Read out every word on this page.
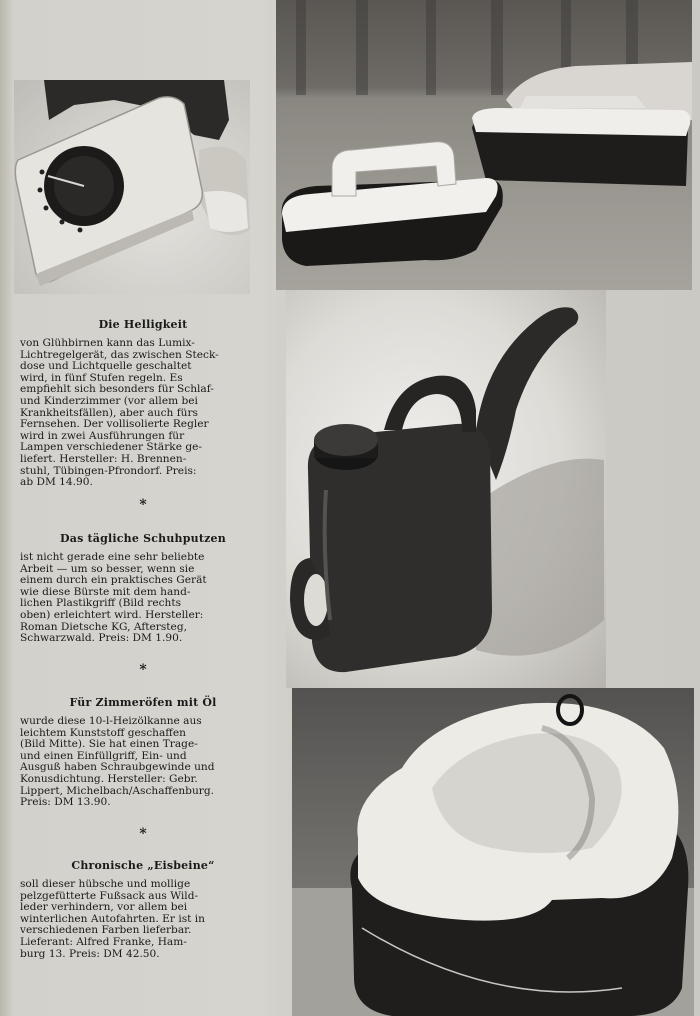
Die Helligkeit

von Glühbirnen kann das Lumix-
Lichtregelgerät, das zwischen Steck-
dose und Lichtquelle geschaltet
wird, in fünf Stufen regeln. Es
empfiehlt sich besonders für Schlaf-
und Kinderzimmer (vor allem bei
Krankheitsfällen), aber auch fürs
Fernsehen. Der vollisolierte Regler
wird in zwei Ausführungen für
Lampen verschiedener Stärke ge-
liefert. Hersteller: H. Brennen-
stuhl, Tübingen-Pfrondorf. Preis:
ab DM 14.90.

*

Das tägliche Schuhputzen

ist nicht gerade eine sehr beliebte
Arbeit — um so besser, wenn sie
einem durch ein praktisches Gerät
wie diese Bürste mit dem hand-
lichen Plastikgriff (Bild rechts
oben) erleichtert wird. Hersteller:
Roman Dietsche KG, Aftersteg,
Schwarzwald. Preis: DM 1.90.

*

Für Zimmeröfen mit Öl

wurde diese 10-l-Heizölkanne aus
leichtem Kunststoff geschaffen
(Bild Mitte). Sie hat einen Trage-
und einen Einfüllgriff, Ein- und
Ausguß haben Schraubgewinde und
Konusdichtung. Hersteller: Gebr.
Lippert, Michelbach/Aschaffenburg.
Preis: DM 13.90.

*

Chronische „Eisbeine“

soll dieser hübsche und mollige
pelzgefütterte Fußsack aus Wild-
leder verhindern, vor allem bei
winterlichen Autofahrten. Er ist in
verschiedenen Farben lieferbar.
Lieferant: Alfred Franke, Ham-
burg 13. Preis: DM 42.50.
